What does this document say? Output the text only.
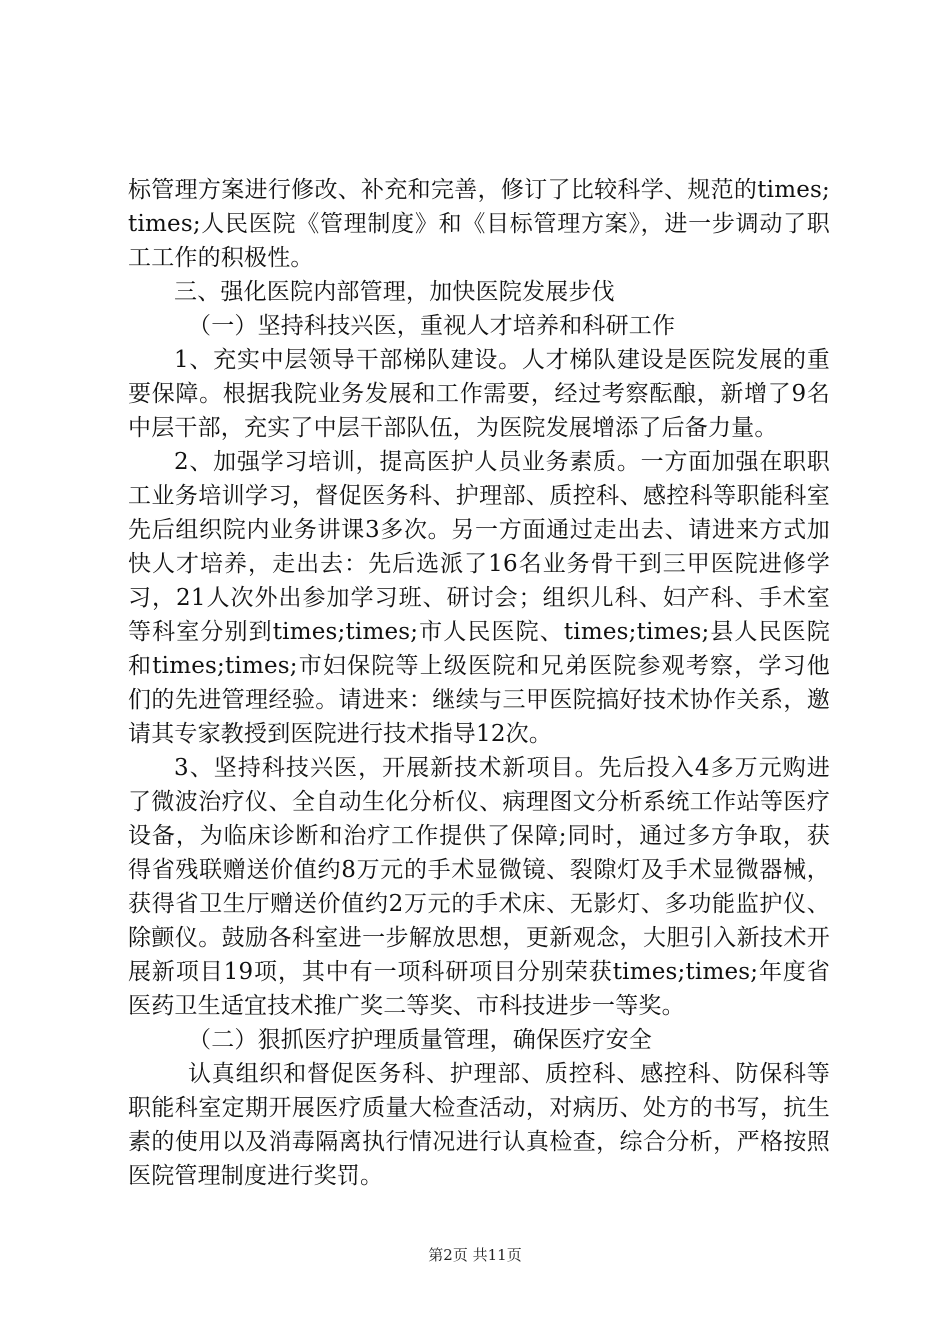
标管理方案进行修改、补充和完善，修订了比较科学、规范的times;times;人民医院《管理制度》和《目标管理方案》，进一步调动了职工工作的积极性。

三、强化医院内部管理，加快医院发展步伐

（一）坚持科技兴医，重视人才培养和科研工作

1、充实中层领导干部梯队建设。人才梯队建设是医院发展的重要保障。根据我院业务发展和工作需要，经过考察酝酿，新增了9名中层干部，充实了中层干部队伍，为医院发展增添了后备力量。

2、加强学习培训，提高医护人员业务素质。一方面加强在职职工业务培训学习，督促医务科、护理部、质控科、感控科等职能科室先后组织院内业务讲课3多次。另一方面通过走出去、请进来方式加快人才培养，走出去：先后选派了16名业务骨干到三甲医院进修学习，21人次外出参加学习班、研讨会；组织儿科、妇产科、手术室等科室分别到times;times;市人民医院、times;times;县人民医院和times;times;市妇保院等上级医院和兄弟医院参观考察，学习他们的先进管理经验。请进来：继续与三甲医院搞好技术协作关系，邀请其专家教授到医院进行技术指导12次。

3、坚持科技兴医，开展新技术新项目。先后投入4多万元购进了微波治疗仪、全自动生化分析仪、病理图文分析系统工作站等医疗设备，为临床诊断和治疗工作提供了保障;同时，通过多方争取，获得省残联赠送价值约8万元的手术显微镜、裂隙灯及手术显微器械，获得省卫生厅赠送价值约2万元的手术床、无影灯、多功能监护仪、除颤仪。鼓励各科室进一步解放思想，更新观念，大胆引入新技术开展新项目19项，其中有一项科研项目分别荣获times;times;年度省医药卫生适宜技术推广奖二等奖、市科技进步一等奖。

（二）狠抓医疗护理质量管理，确保医疗安全

认真组织和督促医务科、护理部、质控科、感控科、防保科等职能科室定期开展医疗质量大检查活动，对病历、处方的书写，抗生素的使用以及消毒隔离执行情况进行认真检查，综合分析，严格按照医院管理制度进行奖罚。

第2页 共11页
